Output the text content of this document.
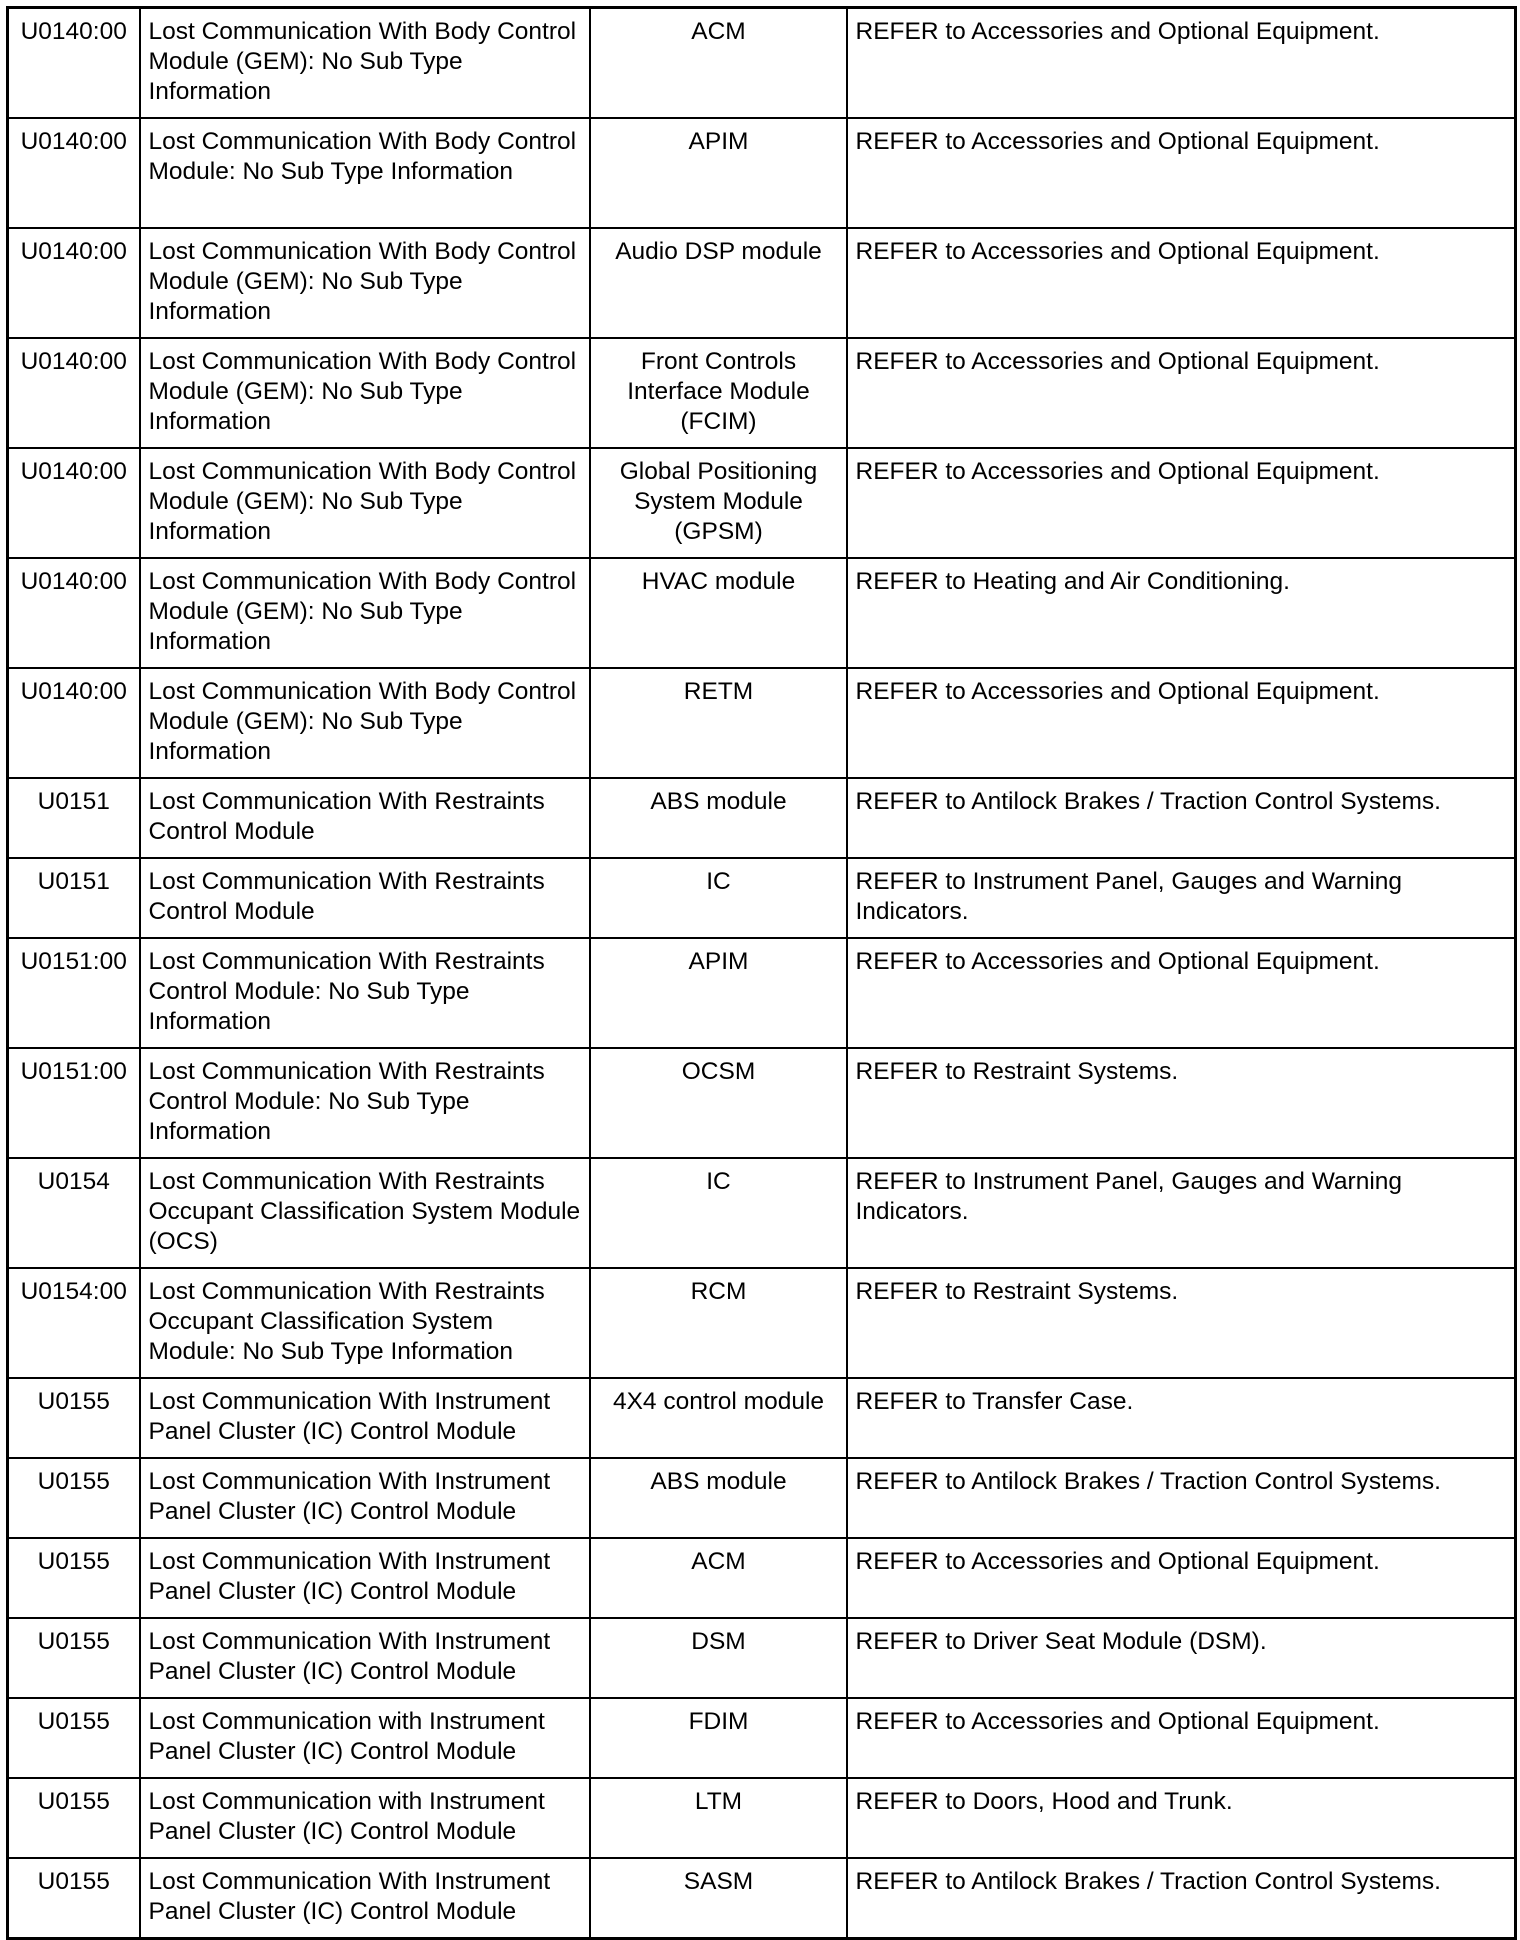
U0140:00	Lost Communication With Body Control Module (GEM): No Sub Type Information	ACM	REFER to Accessories and Optional Equipment.
U0140:00	Lost Communication With Body Control Module: No Sub Type Information	APIM	REFER to Accessories and Optional Equipment.
U0140:00	Lost Communication With Body Control Module (GEM): No Sub Type Information	Audio DSP module	REFER to Accessories and Optional Equipment.
U0140:00	Lost Communication With Body Control Module (GEM): No Sub Type Information	Front Controls Interface Module (FCIM)	REFER to Accessories and Optional Equipment.
U0140:00	Lost Communication With Body Control Module (GEM): No Sub Type Information	Global Positioning System Module (GPSM)	REFER to Accessories and Optional Equipment.
U0140:00	Lost Communication With Body Control Module (GEM): No Sub Type Information	HVAC module	REFER to Heating and Air Conditioning.
U0140:00	Lost Communication With Body Control Module (GEM): No Sub Type Information	RETM	REFER to Accessories and Optional Equipment.
U0151	Lost Communication With Restraints Control Module	ABS module	REFER to Antilock Brakes / Traction Control Systems.
U0151	Lost Communication With Restraints Control Module	IC	REFER to Instrument Panel, Gauges and Warning Indicators.
U0151:00	Lost Communication With Restraints Control Module: No Sub Type Information	APIM	REFER to Accessories and Optional Equipment.
U0151:00	Lost Communication With Restraints Control Module: No Sub Type Information	OCSM	REFER to Restraint Systems.
U0154	Lost Communication With Restraints Occupant Classification System Module (OCS)	IC	REFER to Instrument Panel, Gauges and Warning Indicators.
U0154:00	Lost Communication With Restraints Occupant Classification System Module: No Sub Type Information	RCM	REFER to Restraint Systems.
U0155	Lost Communication With Instrument Panel Cluster (IC) Control Module	4X4 control module	REFER to Transfer Case.
U0155	Lost Communication With Instrument Panel Cluster (IC) Control Module	ABS module	REFER to Antilock Brakes / Traction Control Systems.
U0155	Lost Communication With Instrument Panel Cluster (IC) Control Module	ACM	REFER to Accessories and Optional Equipment.
U0155	Lost Communication With Instrument Panel Cluster (IC) Control Module	DSM	REFER to Driver Seat Module (DSM).
U0155	Lost Communication with Instrument Panel Cluster (IC) Control Module	FDIM	REFER to Accessories and Optional Equipment.
U0155	Lost Communication with Instrument Panel Cluster (IC) Control Module	LTM	REFER to Doors, Hood and Trunk.
U0155	Lost Communication With Instrument Panel Cluster (IC) Control Module	SASM	REFER to Antilock Brakes / Traction Control Systems.
